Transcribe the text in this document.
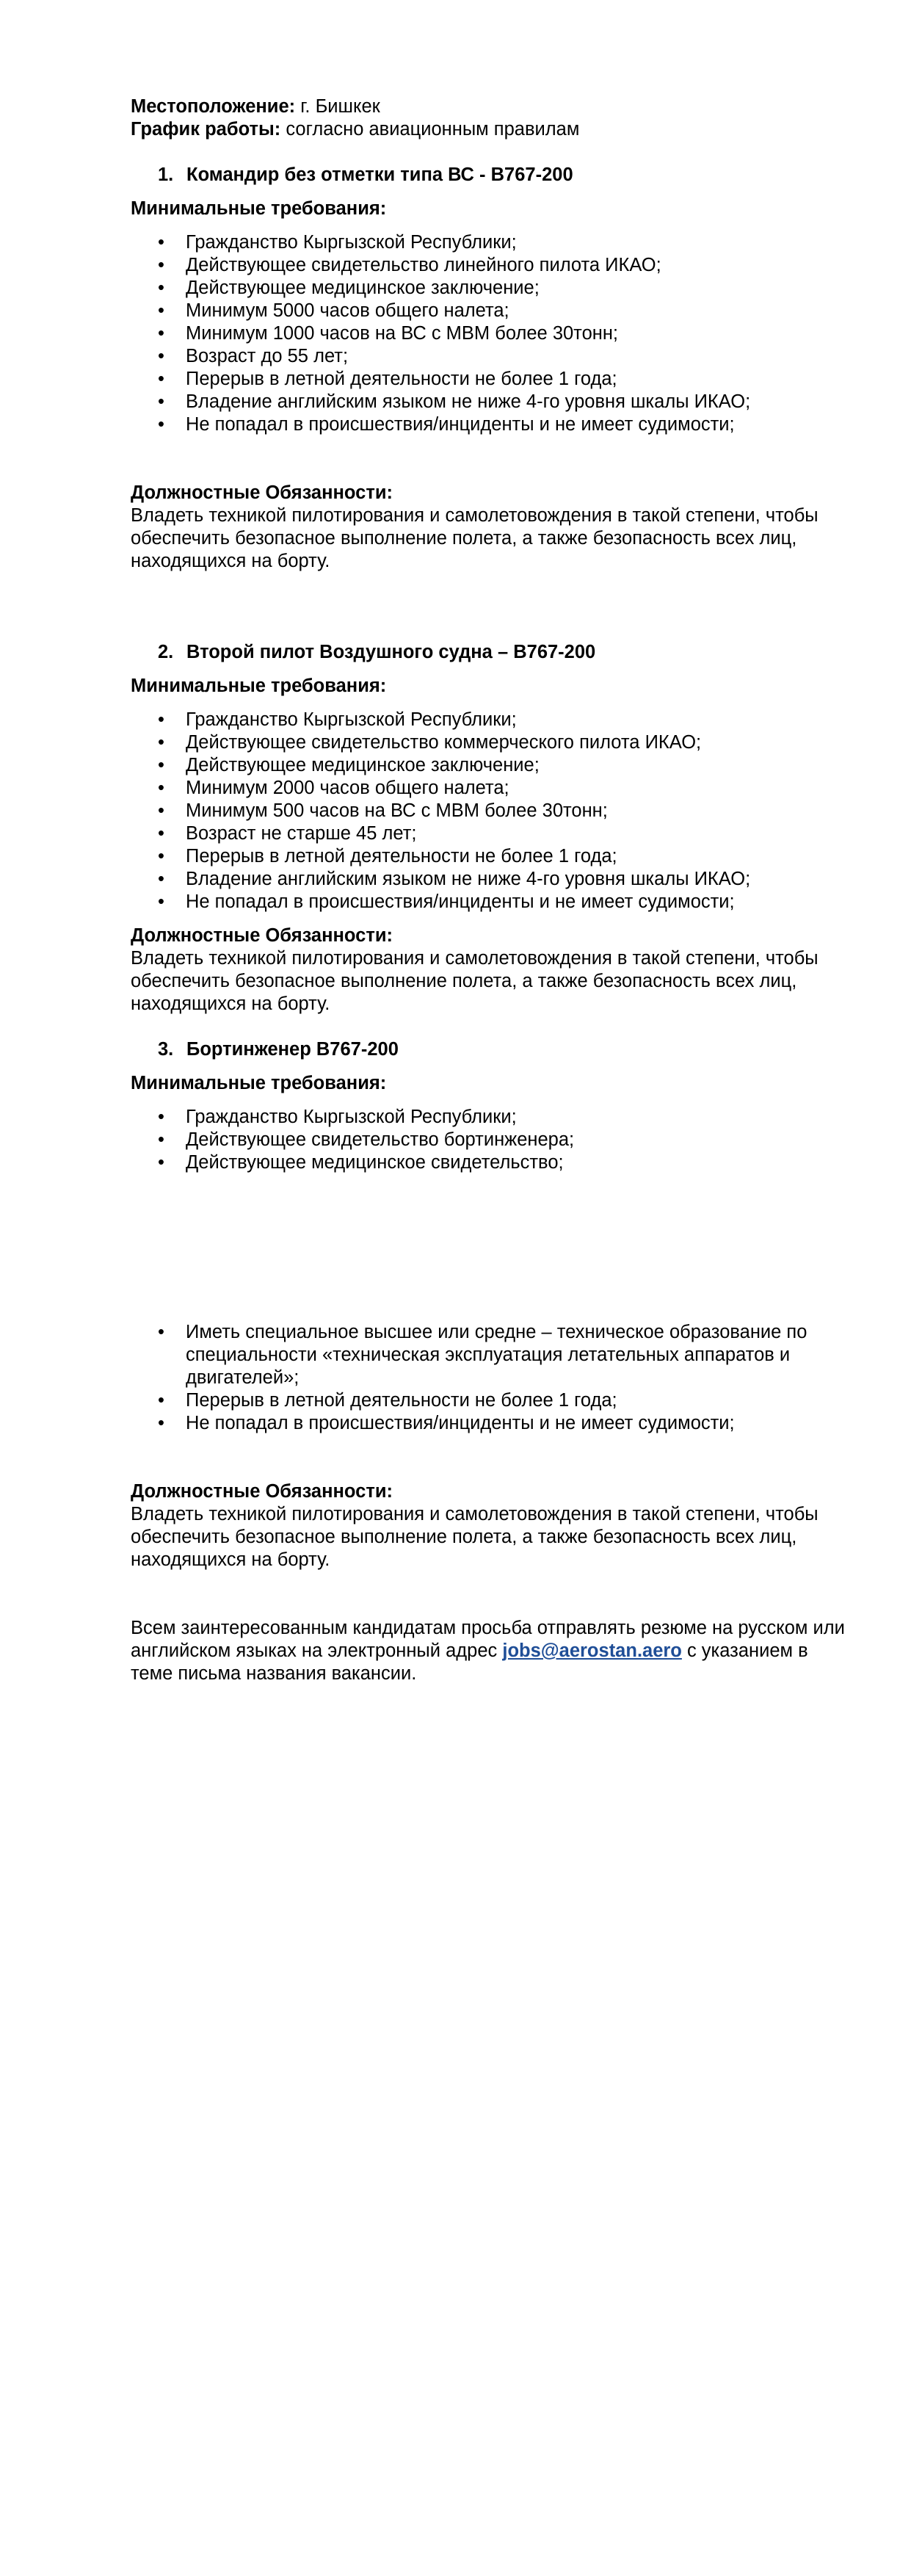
Местоположение: г. Бишкек

График работы: согласно авиационным правилам

1. Командир без отметки типа ВС - B767-200

Минимальные требования:

• Гражданство Кыргызской Республики;
• Действующее свидетельство линейного пилота ИКАО;
• Действующее медицинское заключение;
• Минимум 5000 часов общего налета;
• Минимум 1000 часов на ВС с МВМ более 30тонн;
• Возраст до 55 лет;
• Перерыв в летной деятельности не более 1 года;
• Владение английским языком не ниже 4-го уровня шкалы ИКАО;
• Не попадал в происшествия/инциденты и не имеет судимости;

Должностные Обязанности:

Владеть техникой пилотирования и самолетовождения в такой степени, чтобы обеспечить безопасное выполнение полета, а также безопасность всех лиц, находящихся на борту.

2. Второй пилот Воздушного судна – В767-200

Минимальные требования:

• Гражданство Кыргызской Республики;
• Действующее свидетельство коммерческого пилота ИКАО;
• Действующее медицинское заключение;
• Минимум 2000 часов общего налета;
• Минимум 500 часов на ВС с МВМ более 30тонн;
• Возраст не старше 45 лет;
• Перерыв в летной деятельности не более 1 года;
• Владение английским языком не ниже 4-го уровня шкалы ИКАО;
• Не попадал в происшествия/инциденты и не имеет судимости;

Должностные Обязанности:

Владеть техникой пилотирования и самолетовождения в такой степени, чтобы обеспечить безопасное выполнение полета, а также безопасность всех лиц, находящихся на борту.

3. Бортинженер B767-200

Минимальные требования:

• Гражданство Кыргызской Республики;
• Действующее свидетельство бортинженера;
• Действующее медицинское свидетельство;
• Иметь специальное высшее или средне – техническое образование по специальности «техническая эксплуатация летательных аппаратов и двигателей»;
• Перерыв в летной деятельности не более 1 года;
• Не попадал в происшествия/инциденты и не имеет судимости;

Должностные Обязанности:

Владеть техникой пилотирования и самолетовождения в такой степени, чтобы обеспечить безопасное выполнение полета, а также безопасность всех лиц, находящихся на борту.

Всем заинтересованным кандидатам просьба отправлять резюме на русском или английском языках на электронный адрес jobs@aerostan.aero с указанием в теме письма названия вакансии.
